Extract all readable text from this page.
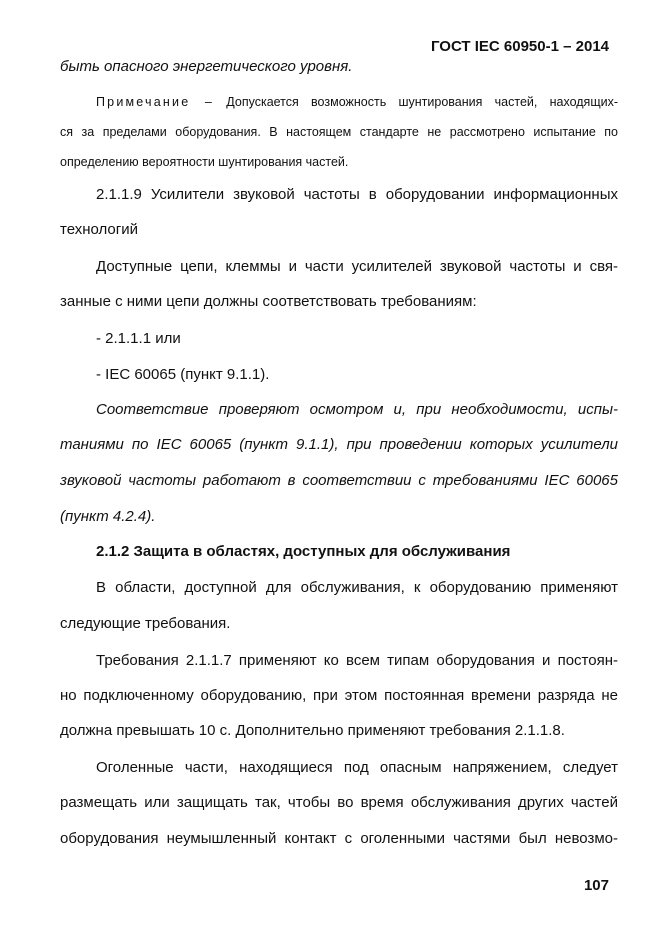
ГОСТ IEC 60950-1 – 2014
быть опасного энергетического уровня.
Примечание – Допускается возможность шунтирования частей, находящих-
ся за пределами оборудования. В настоящем стандарте не рассмотрено испытание по
определению вероятности шунтирования частей.
2.1.1.9 Усилители звуковой частоты в оборудовании информационных
технологий
Доступные цепи, клеммы и части усилителей звуковой частоты и свя-
занные с ними цепи должны соответствовать требованиям:
- 2.1.1.1 или
- IEC 60065 (пункт 9.1.1).
Соответствие проверяют осмотром и, при необходимости, испы-
таниями по IEC 60065 (пункт 9.1.1), при проведении которых усилители
звуковой частоты работают в соответствии с требованиями IEC 60065
(пункт 4.2.4).
2.1.2 Защита в областях, доступных для обслуживания
В области, доступной для обслуживания, к оборудованию применяют
следующие требования.
Требования 2.1.1.7 применяют ко всем типам оборудования и постоян-
но подключенному оборудованию, при этом постоянная времени разряда не
должна превышать 10 с. Дополнительно применяют требования 2.1.1.8.
Оголенные части, находящиеся под опасным напряжением, следует
размещать или защищать так, чтобы во время обслуживания других частей
оборудования неумышленный контакт с оголенными частями был невозмо-
107
